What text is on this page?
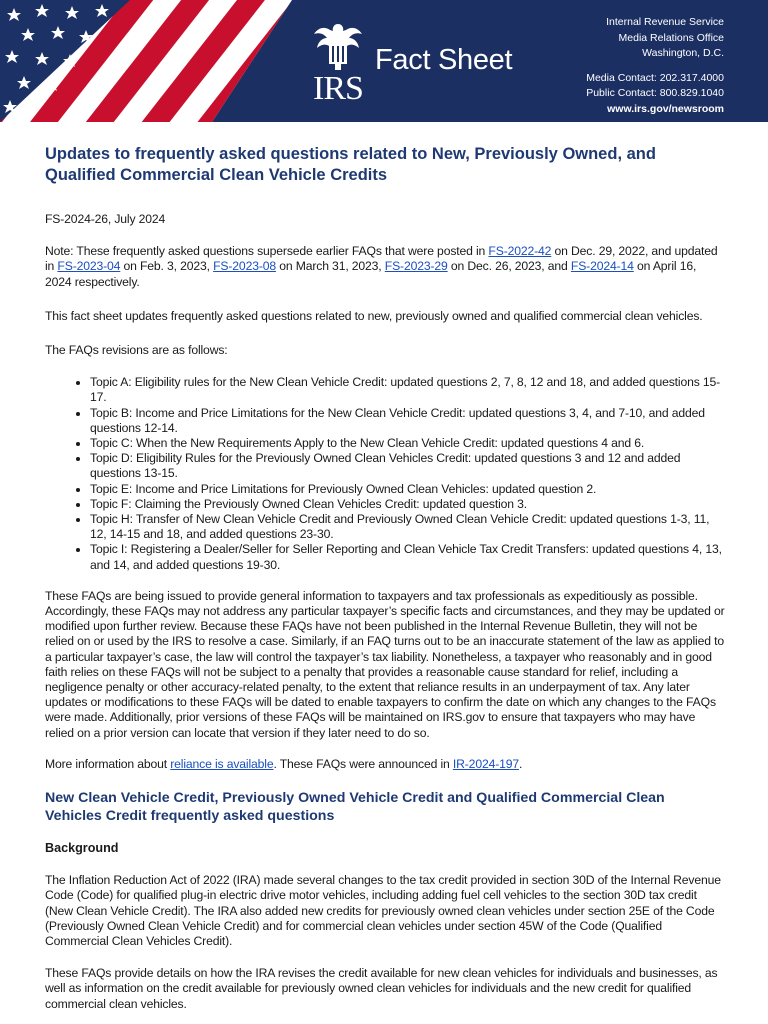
IRS
Fact Sheet
Internal Revenue Service
Media Relations Office
Washington, D.C.
Media Contact: 202.317.4000
Public Contact: 800.829.1040
www.irs.gov/newsroom
Updates to frequently asked questions related to New, Previously Owned, and Qualified Commercial Clean Vehicle Credits

FS-2024-26, July 2024

Note: These frequently asked questions supersede earlier FAQs that were posted in FS-2022-42 on Dec. 29, 2022, and updated in FS-2023-04 on Feb. 3, 2023, FS-2023-08 on March 31, 2023, FS-2023-29 on Dec. 26, 2023, and FS-2024-14 on April 16, 2024 respectively.

This fact sheet updates frequently asked questions related to new, previously owned and qualified commercial clean vehicles.

The FAQs revisions are as follows:

• Topic A: Eligibility rules for the New Clean Vehicle Credit: updated questions 2, 7, 8, 12 and 18, and added questions 15-17.
• Topic B: Income and Price Limitations for the New Clean Vehicle Credit: updated questions 3, 4, and 7-10, and added questions 12-14.
• Topic C: When the New Requirements Apply to the New Clean Vehicle Credit: updated questions 4 and 6.
• Topic D: Eligibility Rules for the Previously Owned Clean Vehicles Credit: updated questions 3 and 12 and added questions 13-15.
• Topic E: Income and Price Limitations for Previously Owned Clean Vehicles: updated question 2.
• Topic F: Claiming the Previously Owned Clean Vehicles Credit: updated question 3.
• Topic H: Transfer of New Clean Vehicle Credit and Previously Owned Clean Vehicle Credit: updated questions 1-3, 11, 12, 14-15 and 18, and added questions 23-30.
• Topic I: Registering a Dealer/Seller for Seller Reporting and Clean Vehicle Tax Credit Transfers: updated questions 4, 13, and 14, and added questions 19-30.

These FAQs are being issued to provide general information to taxpayers and tax professionals as expeditiously as possible. Accordingly, these FAQs may not address any particular taxpayer’s specific facts and circumstances, and they may be updated or modified upon further review. Because these FAQs have not been published in the Internal Revenue Bulletin, they will not be relied on or used by the IRS to resolve a case. Similarly, if an FAQ turns out to be an inaccurate statement of the law as applied to a particular taxpayer’s case, the law will control the taxpayer’s tax liability. Nonetheless, a taxpayer who reasonably and in good faith relies on these FAQs will not be subject to a penalty that provides a reasonable cause standard for relief, including a negligence penalty or other accuracy-related penalty, to the extent that reliance results in an underpayment of tax. Any later updates or modifications to these FAQs will be dated to enable taxpayers to confirm the date on which any changes to the FAQs were made. Additionally, prior versions of these FAQs will be maintained on IRS.gov to ensure that taxpayers who may have relied on a prior version can locate that version if they later need to do so.

More information about reliance is available. These FAQs were announced in IR-2024-197.

New Clean Vehicle Credit, Previously Owned Vehicle Credit and Qualified Commercial Clean Vehicles Credit frequently asked questions
Background

The Inflation Reduction Act of 2022 (IRA) made several changes to the tax credit provided in section 30D of the Internal Revenue Code (Code) for qualified plug-in electric drive motor vehicles, including adding fuel cell vehicles to the section 30D tax credit (New Clean Vehicle Credit). The IRA also added new credits for previously owned clean vehicles under section 25E of the Code (Previously Owned Clean Vehicle Credit) and for commercial clean vehicles under section 45W of the Code (Qualified Commercial Clean Vehicles Credit).

These FAQs provide details on how the IRA revises the credit available for new clean vehicles for individuals and businesses, as well as information on the credit available for previously owned clean vehicles for individuals and the new credit for qualified commercial clean vehicles.
